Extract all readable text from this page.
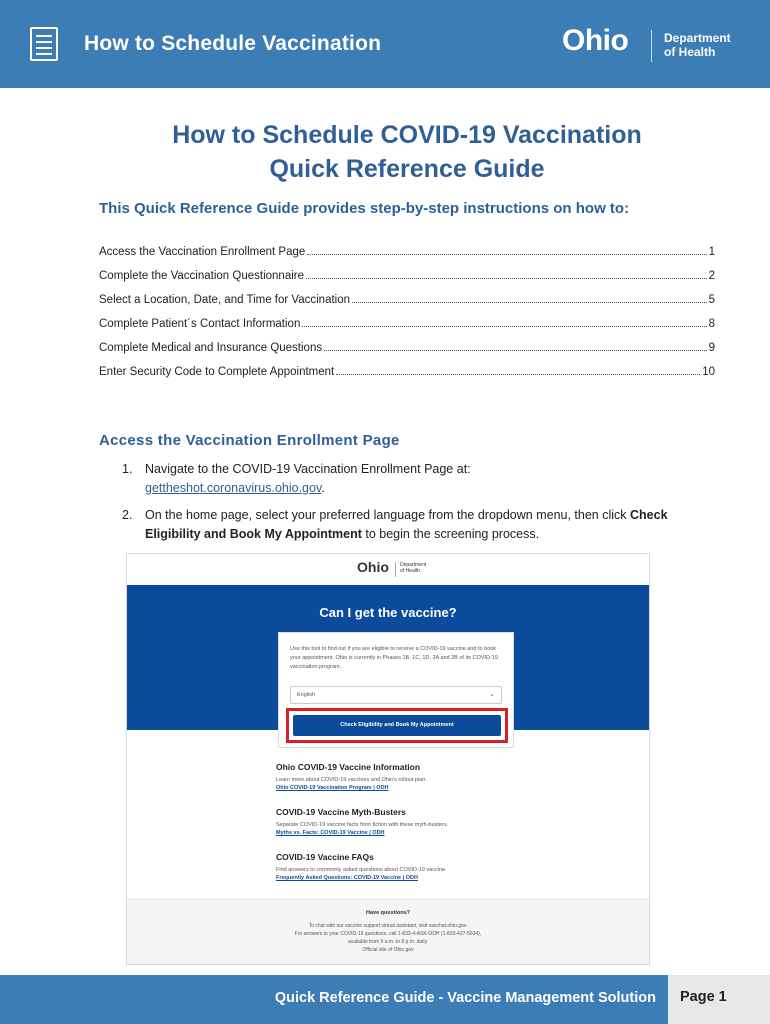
How to Schedule Vaccination	Ohio	Department
of Health
How to Schedule COVID-19 Vaccination
Quick Reference Guide
This Quick Reference Guide provides step-by-step instructions on how to:
Access the Vaccination Enrollment Page	1
Complete the Vaccination Questionnaire	2
Select a Location, Date, and Time for Vaccination	5
Complete Patient´s Contact Information	8
Complete Medical and Insurance Questions	9
Enter Security Code to Complete Appointment	10
Access the Vaccination Enrollment Page
1.	Navigate to the COVID-19 Vaccination Enrollment Page at:
gettheshot.coronavirus.ohio.gov.
2.	On the home page, select your preferred language from the dropdown menu, then click Check Eligibility and Book My Appointment to begin the screening process.
Ohio Department
of Health
Can I get the vaccine?
Use this tool to find out if you are eligible to receive a COVID-19 vaccine and to book your appointment. Ohio is currently in Phases 1B, 1C, 1D, 2A and 2B of its COVID-19 vaccination program.
English	⌄
Check Eligibility and Book My Appointment
Ohio COVID-19 Vaccine Information
Learn more about COVID-19 vaccines and Ohio's rollout plan.
Ohio COVID-19 Vaccination Program | ODH
COVID-19 Vaccine Myth-Busters
Separate COVID-19 vaccine facts from fiction with these myth-busters.
Myths vs. Facts: COVID-19 Vaccine | ODH
COVID-19 Vaccine FAQs
Find answers to commonly asked questions about COVID-19 vaccine.
Frequently Asked Questions: COVID-19 Vaccine | ODH
Have questions?
To chat with our vaccine support virtual assistant, visit vaxchat.ohio.gov.
For answers to your COVID-19 questions, call 1-833-4-ASK-ODH (1-833-427-5634),
available from 9 a.m. to 8 p.m. daily.
Official site of Ohio.gov
Quick Reference Guide - Vaccine Management Solution Page 1
